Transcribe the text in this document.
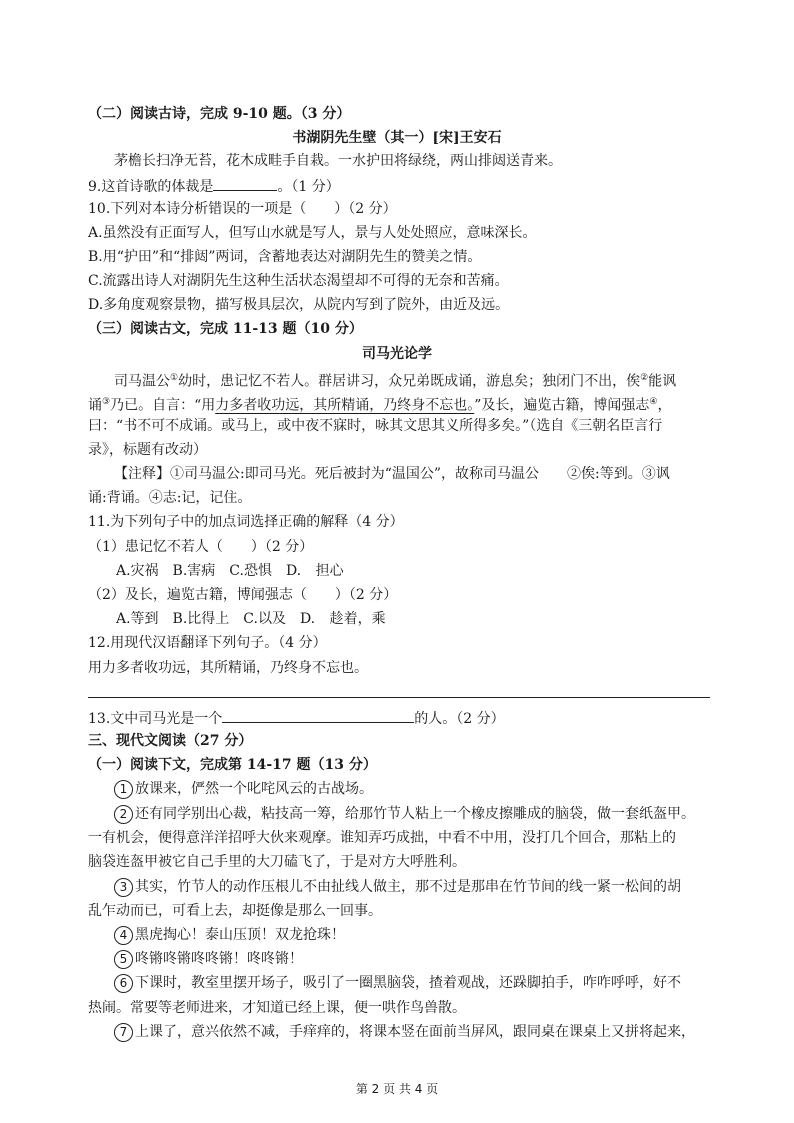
（二）阅读古诗，完成 9-10 题。（3 分）
书湖阴先生壁（其一）[宋]王安石
茅檐长扫净无苔，花木成畦手自栽。一水护田将绿绕，两山排闼送青来。
9.这首诗歌的体裁是	。（1 分）
10.下列对本诗分析错误的一项是（　　）（2 分）
A.虽然没有正面写人，但写山水就是写人，景与人处处照应，意味深长。
B.用“护田”和“排闼”两词，含蓄地表达对湖阴先生的赞美之情。
C.流露出诗人对湖阴先生这种生活状态渴望却不可得的无奈和苦痛。
D.多角度观察景物，描写极具层次，从院内写到了院外，由近及远。
（三）阅读古文，完成 11-13 题（10 分）
司马光论学
司马温公①幼时，患记忆不若人。群居讲习，众兄弟既成诵，游息矣；独闭门不出，俟②能讽
诵③乃已。自言：“用力多者收功远，其所精诵，乃终身不忘也。”及长，遍览古籍，博闻强志④，
曰：“书不可不成诵。或马上，或中夜不寐时，咏其文思其义所得多矣。”（选自《三朝名臣言行
录》，标题有改动）
【注释】①司马温公:即司马光。死后被封为“温国公”，故称司马温公　　②俟:等到。③讽
诵:背诵。④志:记，记住。
11.为下列句子中的加点词选择正确的解释（4 分）
（1）患记忆不若人（　　）（2 分）
A.灾祸　B.害病　C.恐惧　D. 担心
（2）及长，遍览古籍，博闻强志（　　）（2 分）
A.等到　B.比得上　C.以及　D. 趁着，乘
12.用现代汉语翻译下列句子。（4 分）
用力多者收功远，其所精诵，乃终身不忘也。
13.文中司马光是一个	的人。（2 分）
三、现代文阅读（27 分）
（一）阅读下文，完成第 14-17 题（13 分）
1 放课来，俨然一个叱咤风云的古战场。
2 还有同学别出心裁，粘技高一筹，给那竹节人粘上一个橡皮擦雕成的脑袋，做一套纸盔甲。
一有机会，便得意洋洋招呼大伙来观摩。谁知弄巧成拙，中看不中用，没打几个回合，那粘上的
脑袋连盔甲被它自己手里的大刀磕飞了，于是对方大呼胜利。
3 其实，竹节人的动作压根儿不由扯线人做主，那不过是那串在竹节间的线一紧一松间的胡
乱乍动而已，可看上去，却挺像是那么一回事。
4 黑虎掏心！泰山压顶！双龙抢珠！
5 咚锵咚锵咚咚锵！咚咚锵！
6 下课时，教室里摆开场子，吸引了一圈黑脑袋，揸着观战，还跺脚拍手，咋咋呼呼，好不
热闹。常要等老师进来，才知道已经上课，便一哄作鸟兽散。
7 上课了，意兴依然不减，手痒痒的，将课本竖在面前当屏风，跟同桌在课桌上又拼将起来，
第 2 页 共 4 页
